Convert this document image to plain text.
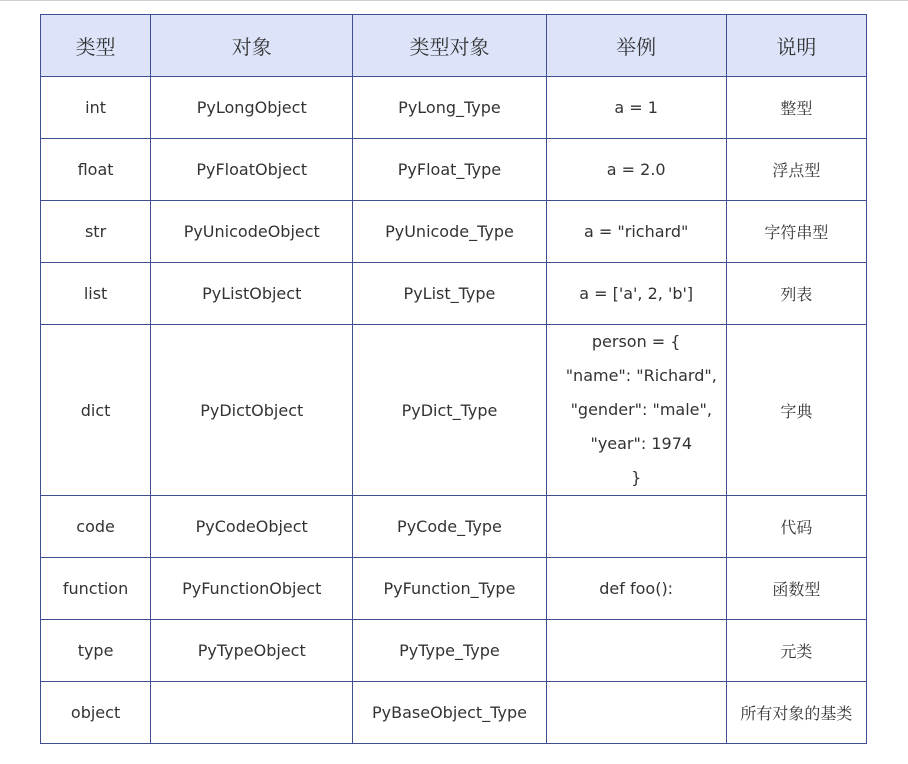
类型	对象	类型对象	举例	说明
int	PyLongObject	PyLong_Type	a = 1	整型
float	PyFloatObject	PyFloat_Type	a = 2.0	浮点型
str	PyUnicodeObject	PyUnicode_Type	a = "richard"	字符串型
list	PyListObject	PyList_Type	a = ['a', 2, 'b']	列表
dict	PyDictObject	PyDict_Type	person = {
"name": "Richard",
"gender": "male",
"year": 1974
}	字典
code	PyCodeObject	PyCode_Type		代码
function	PyFunctionObject	PyFunction_Type	def foo():	函数型
type	PyTypeObject	PyType_Type		元类
object		PyBaseObject_Type		所有对象的基类
